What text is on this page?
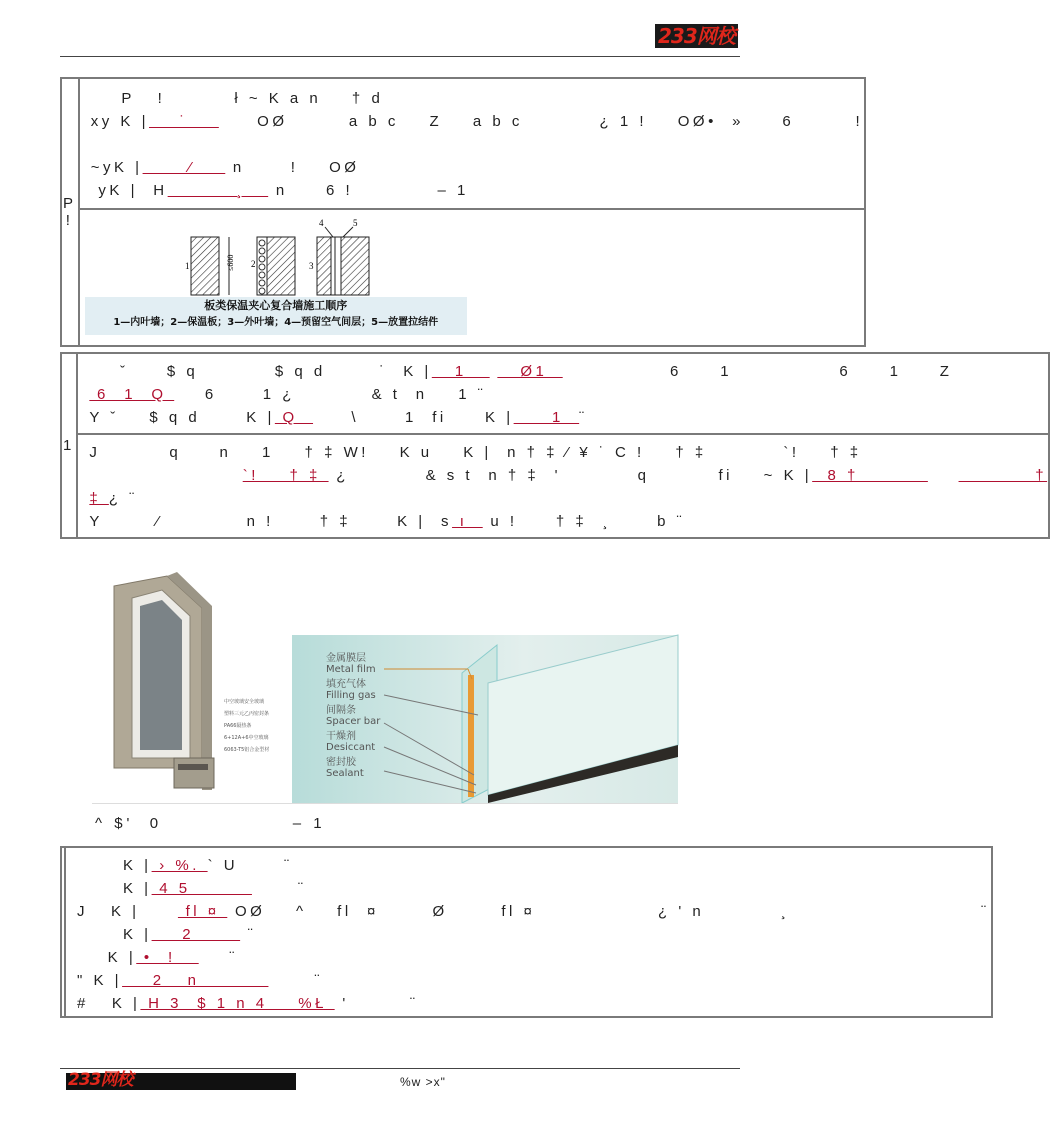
233网校
P !	
P   !         ł ~ K a n    † d
xy K |    ˙         OØ        a b c    Z    a b c          ¿ 1 !    OØ•  »     6        !
~yK |      ⁄     n      !    OØ
yK |  H         ¸    n     6 !           – 1

1	≤600 2	3
4	5
板类保温夹心复合墙施工顺序
1—内叶墙；2—保温板；3—外叶墙；4—预留空气间层；5—放置拉结件
1	
ˇ     $ q          $ q d       ˙  K |   1       Ø1                6     1              6     1     Z
6  1  Q     6      1 ¿          & t  n    1 ¨
Y ˇ    $ q d      K | Q       \      1  fi     K |     1  ¨

J         q     n    1    † ‡ W!    K u    K |  n † ‡ ⁄ ¥ ˙ C !    † ‡          `!    † ‡
`!    † ‡  ¿          & s t  n † ‡  '          q         fi    ~ K |  8 †                       †
‡ ¿ ¨
Y       ⁄           n !      † ‡      K |  s ı   u !     † ‡  ¸      b ¨
中空玻璃安全玻璃
塑料三元乙丙密封条
PA66隔热条
6+12A+6中空玻璃
6063-T5铝合金型材
金属膜层
Metal film
填充气体
Filling gas
间隔条
Spacer bar
干燥剂
Desiccant
密封胶
Sealant
^ $'  0                – 1

K | › %. ` U      ¨
K | 4 5              ¨
J   K |      fl ¤  OØ    ^    fl  ¤       Ø       fl ¤                ¿ ' n          ¸                         ¨
K |    2       ¨
K | •  !       ¨
" K |    2   n               ¨
#   K | H 3  $ 1 n 4    %Ł  '        ¨
233网校	%w >x"
